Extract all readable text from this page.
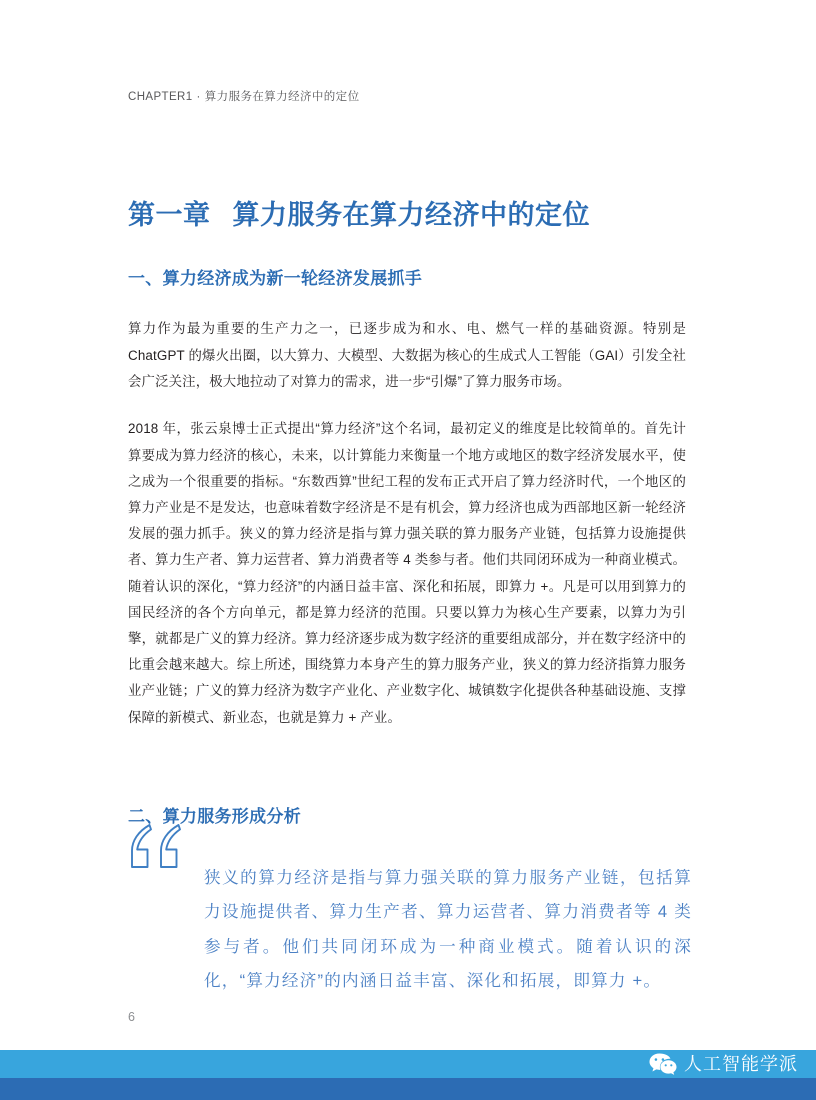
CHAPTER1 · 算力服务在算力经济中的定位
第一章 算力服务在算力经济中的定位
一、算力经济成为新一轮经济发展抓手

算力作为最为重要的生产力之一，已逐步成为和水、电、燃气一样的基础资源。特别是 ChatGPT 的爆火出圈，以大算力、大模型、大数据为核心的生成式人工智能（GAI）引发全社会广泛关注，极大地拉动了对算力的需求，进一步“引爆”了算力服务市场。

2018 年，张云泉博士正式提出“算力经济”这个名词，最初定义的维度是比较简单的。首先计算要成为算力经济的核心，未来，以计算能力来衡量一个地方或地区的数字经济发展水平，使之成为一个很重要的指标。“东数西算”世纪工程的发布正式开启了算力经济时代，一个地区的算力产业是不是发达，也意味着数字经济是不是有机会，算力经济也成为西部地区新一轮经济发展的强力抓手。狭义的算力经济是指与算力强关联的算力服务产业链，包括算力设施提供者、算力生产者、算力运营者、算力消费者等 4 类参与者。他们共同闭环成为一种商业模式。随着认识的深化，“算力经济”的内涵日益丰富、深化和拓展，即算力 +。凡是可以用到算力的国民经济的各个方向单元，都是算力经济的范围。只要以算力为核心生产要素，以算力为引擎，就都是广义的算力经济。算力经济逐步成为数字经济的重要组成部分，并在数字经济中的比重会越来越大。综上所述，围绕算力本身产生的算力服务产业，狭义的算力经济指算力服务业产业链；广义的算力经济为数字产业化、产业数字化、城镇数字化提供各种基础设施、支撑保障的新模式、新业态，也就是算力 + 产业。

二、算力服务形成分析

狭义的算力经济是指与算力强关联的算力服务产业链，包括算力设施提供者、算力生产者、算力运营者、算力消费者等 4 类参与者。他们共同闭环成为一种商业模式。随着认识的深化，“算力经济”的内涵日益丰富、深化和拓展，即算力 +。

6
人工智能学派
